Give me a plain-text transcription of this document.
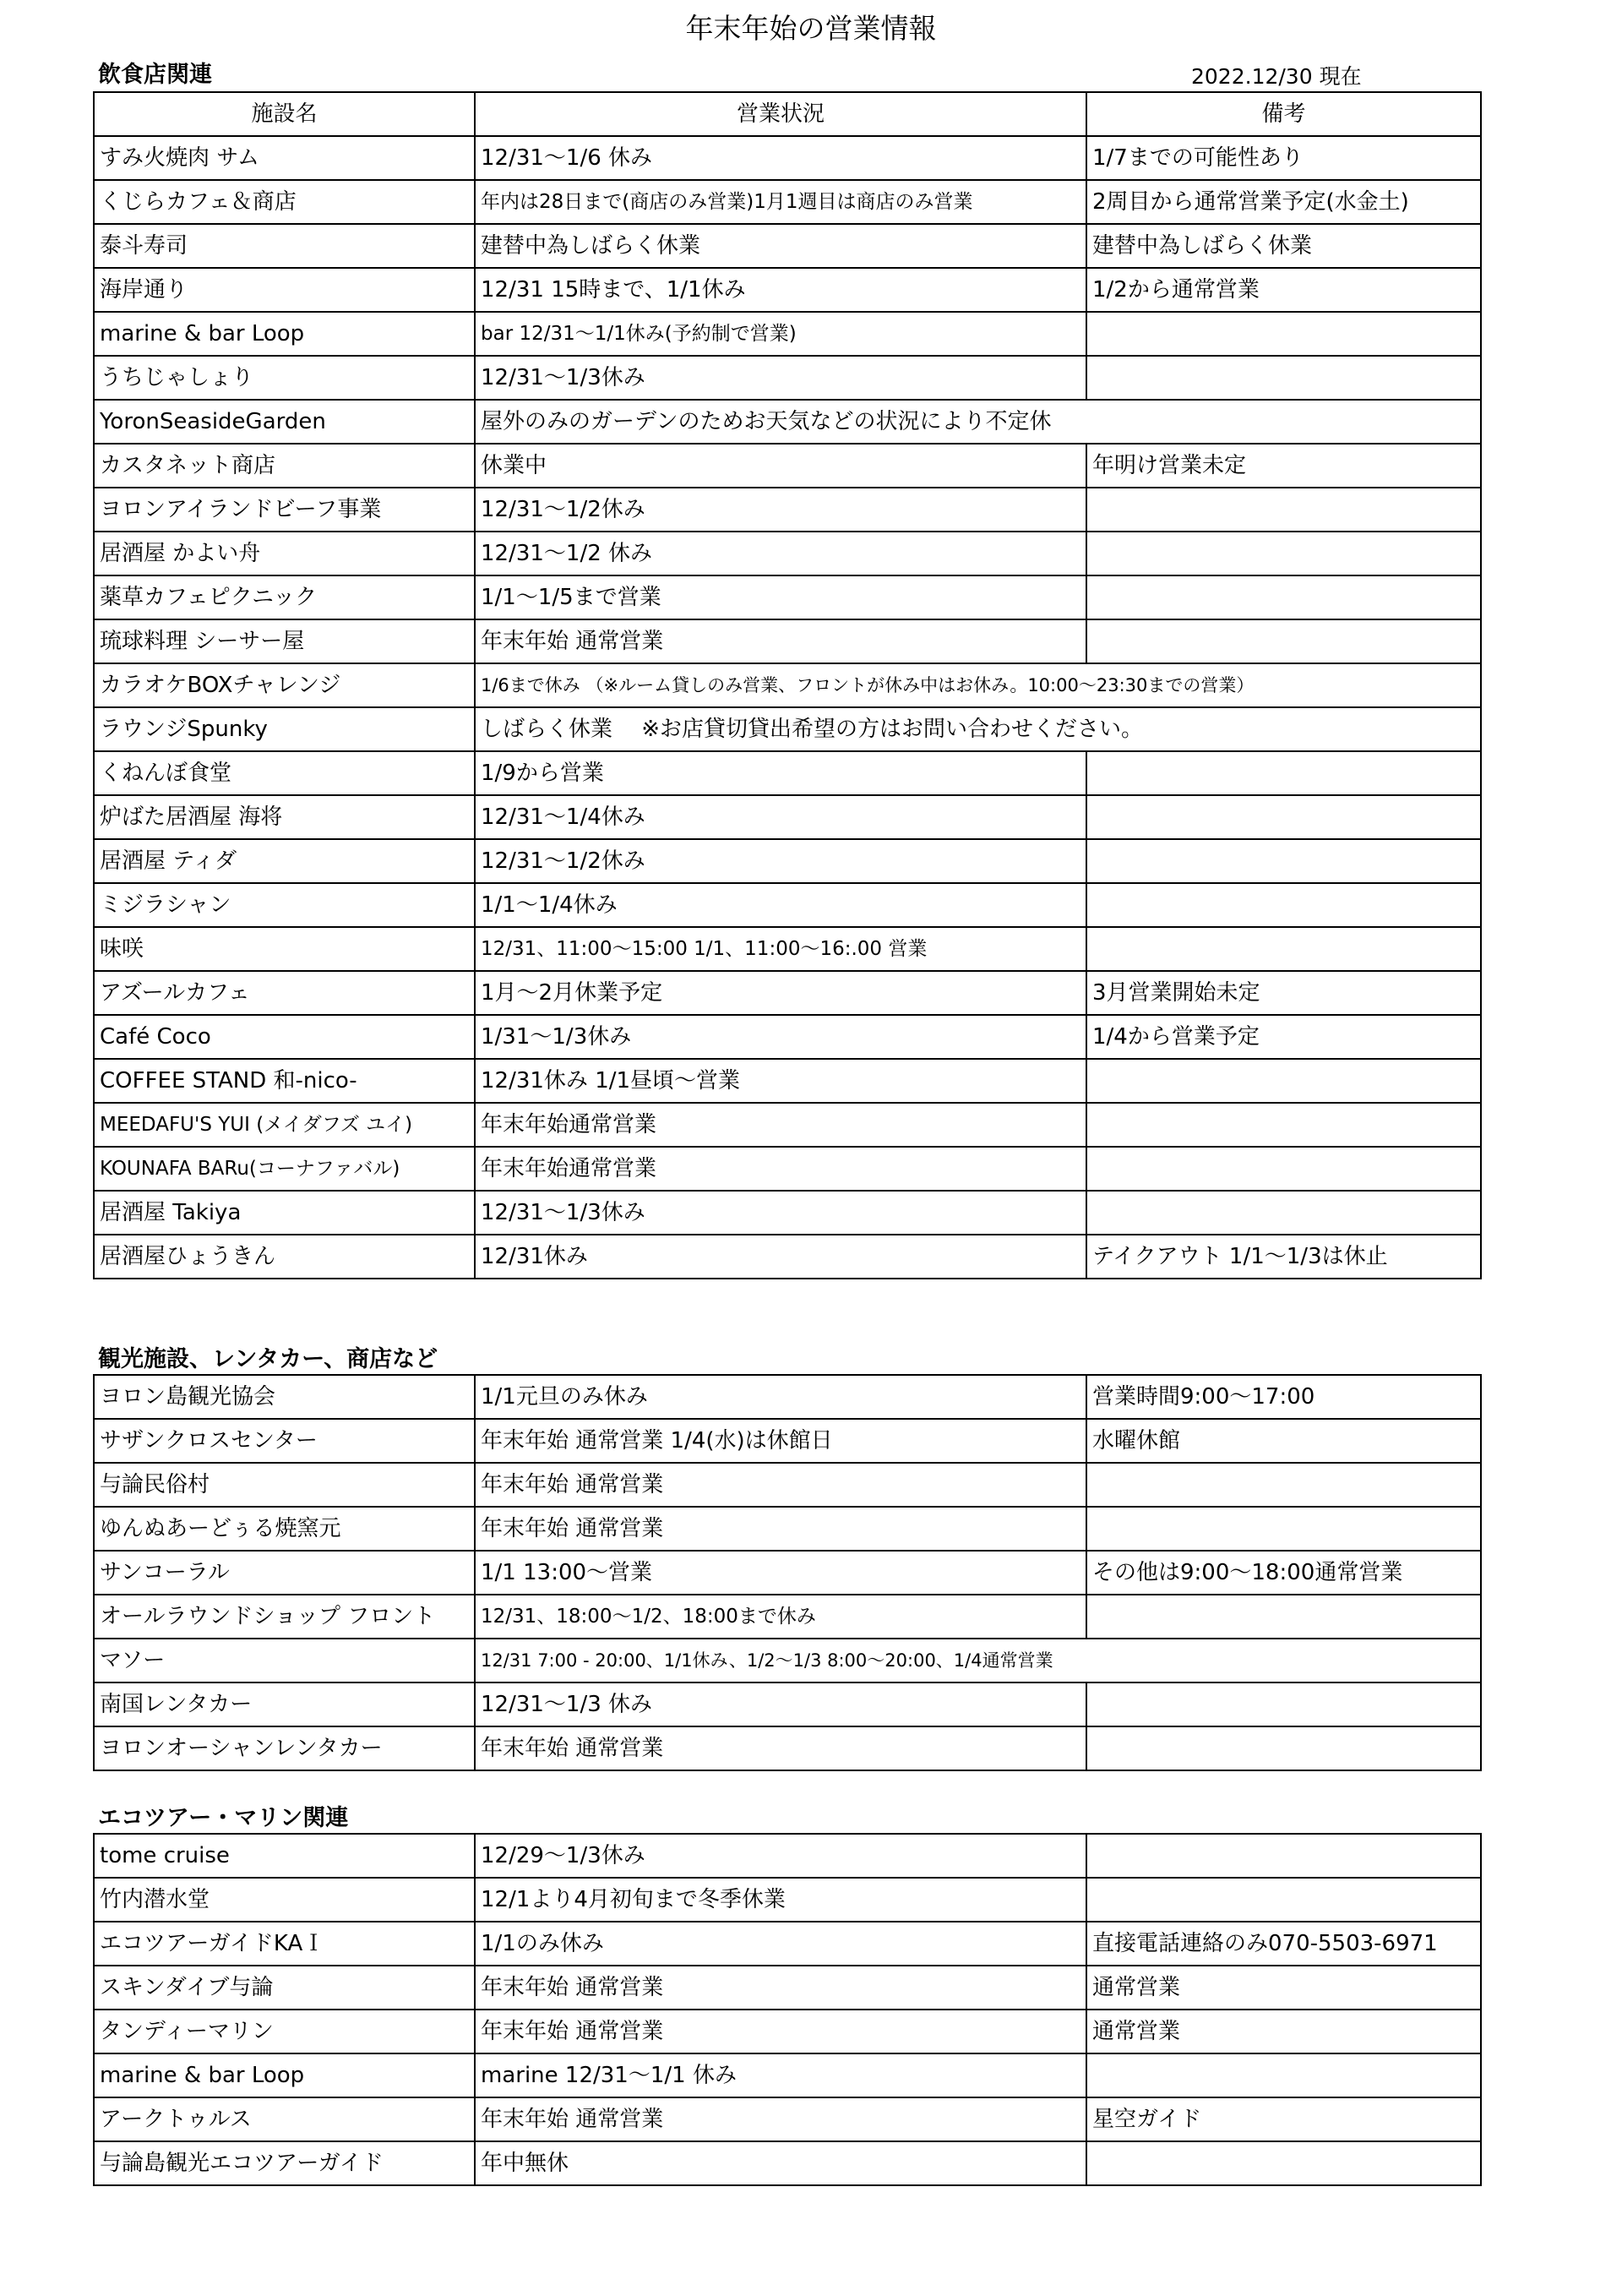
年末年始の営業情報
飲食店関連	2022.12/30 現在
施設名	営業状況	備考
すみ火焼肉 サム	12/31～1/6 休み	1/7までの可能性あり
くじらカフェ＆商店	年内は28日まで(商店のみ営業)1月1週目は商店のみ営業	2周目から通常営業予定(水金土)
泰斗寿司	建替中為しばらく休業	建替中為しばらく休業
海岸通り	12/31 15時まで、1/1休み	1/2から通常営業
marine & bar Loop	bar 12/31～1/1休み(予約制で営業)	
うちじゃしょり	12/31～1/3休み	
YoronSeasideGarden	屋外のみのガーデンのためお天気などの状況により不定休	
カスタネット商店	休業中	年明け営業未定
ヨロンアイランドビーフ事業	12/31～1/2休み	
居酒屋 かよい舟	12/31～1/2 休み	
薬草カフェピクニック	1/1～1/5まで営業	
琉球料理 シーサー屋	年末年始 通常営業	
カラオケBOXチャレンジ	1/6まで休み （※ルーム貸しのみ営業、フロントが休み中はお休み。10:00～23:30までの営業）	
ラウンジSpunky	しばらく休業　 ※お店貸切貸出希望の方はお問い合わせください。	
くねんぼ食堂	1/9から営業	
炉ばた居酒屋 海将	12/31～1/4休み	
居酒屋 ティダ	12/31～1/2休み	
ミジラシャン	1/1～1/4休み	
味咲	12/31、11:00～15:00 1/1、11:00～16:.00 営業	
アズールカフェ	1月～2月休業予定	3月営業開始未定
Café Coco	1/31～1/3休み	1/4から営業予定
COFFEE STAND 和-nico-	12/31休み 1/1昼頃～営業	
MEEDAFU'S YUI (メイダフズ ユイ)	年末年始通常営業	
KOUNAFA BARu(コーナファバル)	年末年始通常営業	
居酒屋 Takiya	12/31～1/3休み	
居酒屋ひょうきん	12/31休み	テイクアウト 1/1～1/3は休止
観光施設、レンタカー、商店など
ヨロン島観光協会	1/1元旦のみ休み	営業時間9:00～17:00
サザンクロスセンター	年末年始 通常営業 1/4(水)は休館日	水曜休館
与論民俗村	年末年始 通常営業	
ゆんぬあーどぅる焼窯元	年末年始 通常営業	
サンコーラル	1/1 13:00～営業	その他は9:00～18:00通常営業
オールラウンドショップ フロント	12/31、18:00～1/2、18:00まで休み	
マソー	12/31 7:00 - 20:00、1/1休み、1/2～1/3 8:00～20:00、1/4通常営業	
南国レンタカー	12/31～1/3 休み	
ヨロンオーシャンレンタカー	年末年始 通常営業	
エコツアー・マリン関連
tome cruise	12/29～1/3休み	
竹内潜水堂	12/1より4月初旬まで冬季休業	
エコツアーガイドKAＩ	1/1のみ休み	直接電話連絡のみ070-5503-6971
スキンダイブ与論	年末年始 通常営業	通常営業
タンディーマリン	年末年始 通常営業	通常営業
marine & bar Loop	marine 12/31～1/1 休み	
アークトゥルス	年末年始 通常営業	星空ガイド
与論島観光エコツアーガイド	年中無休	
